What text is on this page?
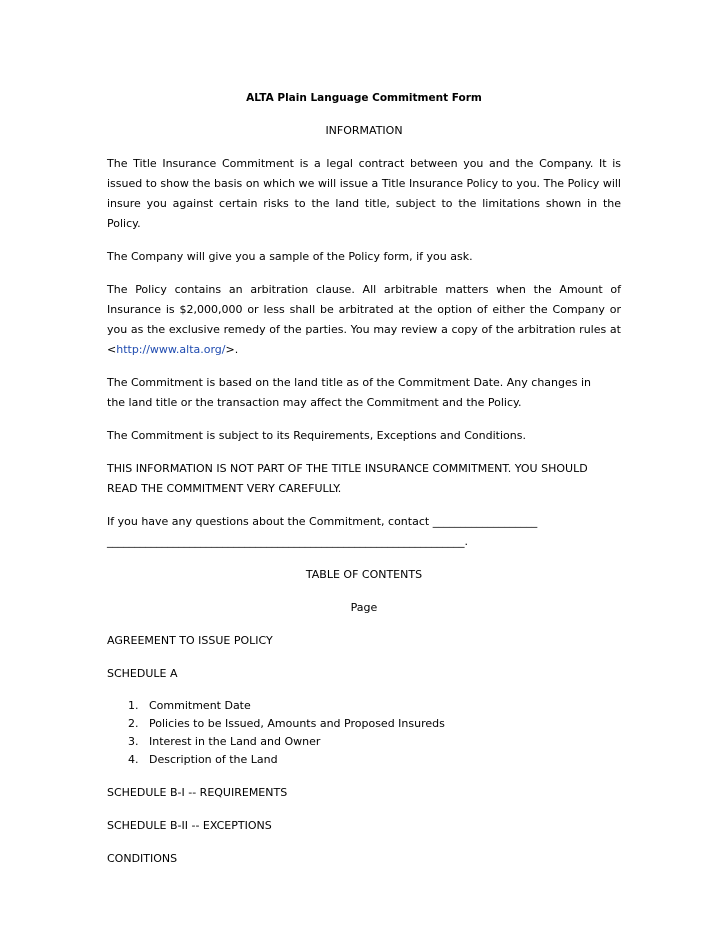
ALTA Plain Language Commitment Form

INFORMATION

The Title Insurance Commitment is a legal contract between you and the Company. It is issued to show the basis on which we will issue a Title Insurance Policy to you. The Policy will insure you against certain risks to the land title, subject to the limitations shown in the Policy.

The Company will give you a sample of the Policy form, if you ask.

The Policy contains an arbitration clause. All arbitrable matters when the Amount of Insurance is $2,000,000 or less shall be arbitrated at the option of either the Company or you as the exclusive remedy of the parties. You may review a copy of the arbitration rules at <http://www.alta.org/>.

The Commitment is based on the land title as of the Commitment Date. Any changes in the land title or the transaction may affect the Commitment and the Policy.

The Commitment is subject to its Requirements, Exceptions and Conditions.

THIS INFORMATION IS NOT PART OF THE TITLE INSURANCE COMMITMENT. YOU SHOULD READ THE COMMITMENT VERY CAREFULLY.

If you have any questions about the Commitment, contact ___________________

_________________________________________________________________.

TABLE OF CONTENTS

Page

AGREEMENT TO ISSUE POLICY

SCHEDULE A

1. Commitment Date
2. Policies to be Issued, Amounts and Proposed Insureds
3. Interest in the Land and Owner
4. Description of the Land

SCHEDULE B-I -- REQUIREMENTS

SCHEDULE B-II -- EXCEPTIONS

CONDITIONS
